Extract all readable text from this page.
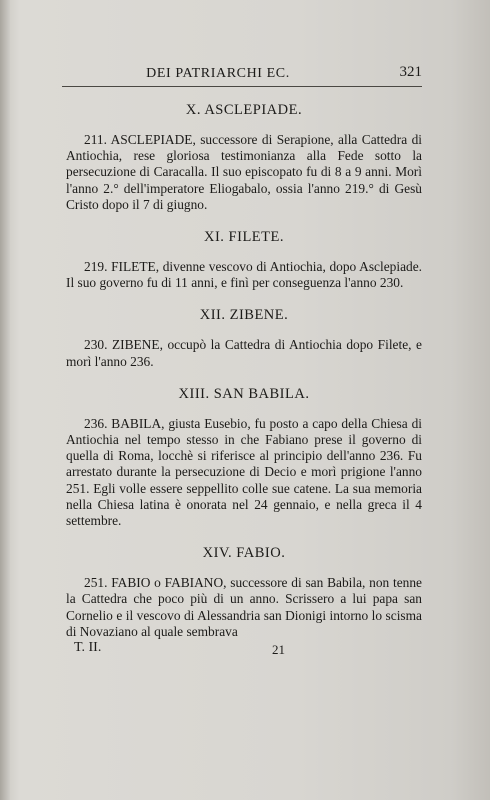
DEI PATRIARCHI EC.	321
X. ASCLEPIADE.

211. ASCLEPIADE, successore di Serapione, alla Cattedra di Antiochia, rese gloriosa testimonianza alla Fede sotto la persecuzione di Caracalla. Il suo episcopato fu di 8 a 9 anni. Morì l'anno 2.° dell'imperatore Eliogabalo, ossia l'anno 219.° di Gesù Cristo dopo il 7 di giugno.

XI. FILETE.

219. FILETE, divenne vescovo di Antiochia, dopo Asclepiade. Il suo governo fu di 11 anni, e finì per conseguenza l'anno 230.

XII. ZIBENE.

230. ZIBENE, occupò la Cattedra di Antiochia dopo Filete, e morì l'anno 236.

XIII. SAN BABILA.

236. BABILA, giusta Eusebio, fu posto a capo della Chiesa di Antiochia nel tempo stesso in che Fabiano prese il governo di quella di Roma, locchè si riferisce al principio dell'anno 236. Fu arrestato durante la persecuzione di Decio e morì prigione l'anno 251. Egli volle essere seppellito colle sue catene. La sua memoria nella Chiesa latina è onorata nel 24 gennaio, e nella greca il 4 settembre.

XIV. FABIO.

251. FABIO o FABIANO, successore di san Babila, non tenne la Cattedra che poco più di un anno. Scrissero a lui papa san Cornelio e il vescovo di Alessandria san Dionigi intorno lo scisma di Novaziano al quale sembrava

T. II.	21
